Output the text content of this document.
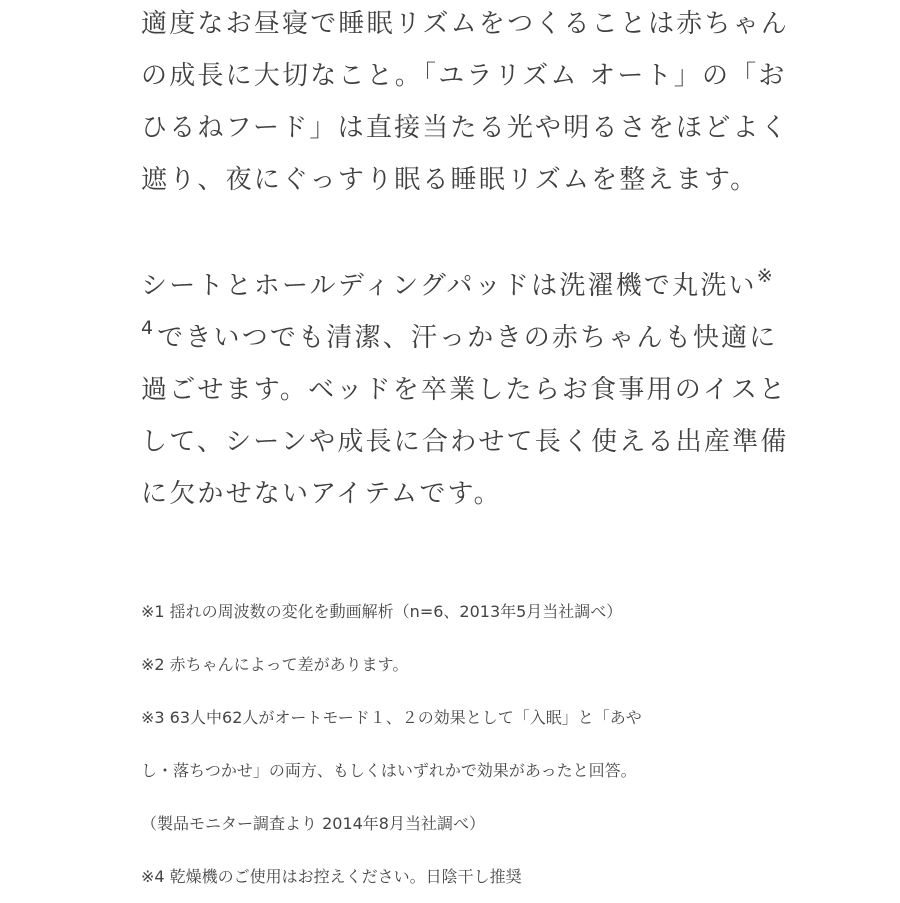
適度なお昼寝で睡眠リズムをつくることは赤ちゃん
の成長に大切なこと。「ユラリズム オート」の「お
ひるねフード」は直接当たる光や明るさをほどよく
遮り、夜にぐっすり眠る睡眠リズムを整えます。
シートとホールディングパッドは洗濯機で丸洗い※
$^4$ できいつでも清潔、汗っかきの赤ちゃんも快適に
過ごせます。ベッドを卒業したらお食事用のイスと
して、シーンや成長に合わせて長く使える出産準備
に欠かせないアイテムです。
※1 揺れの周波数の変化を動画解析（n=6、2013年5月当社調べ）
※2 赤ちゃんによって差があります。
※3 63人中62人がオートモード１、２の効果として「入眠」と「あや
し・落ちつかせ」の両方、もしくはいずれかで効果があったと回答。
（製品モニター調査より 2014年8月当社調べ）
※4 乾燥機のご使用はお控えください。日陰干し推奨
